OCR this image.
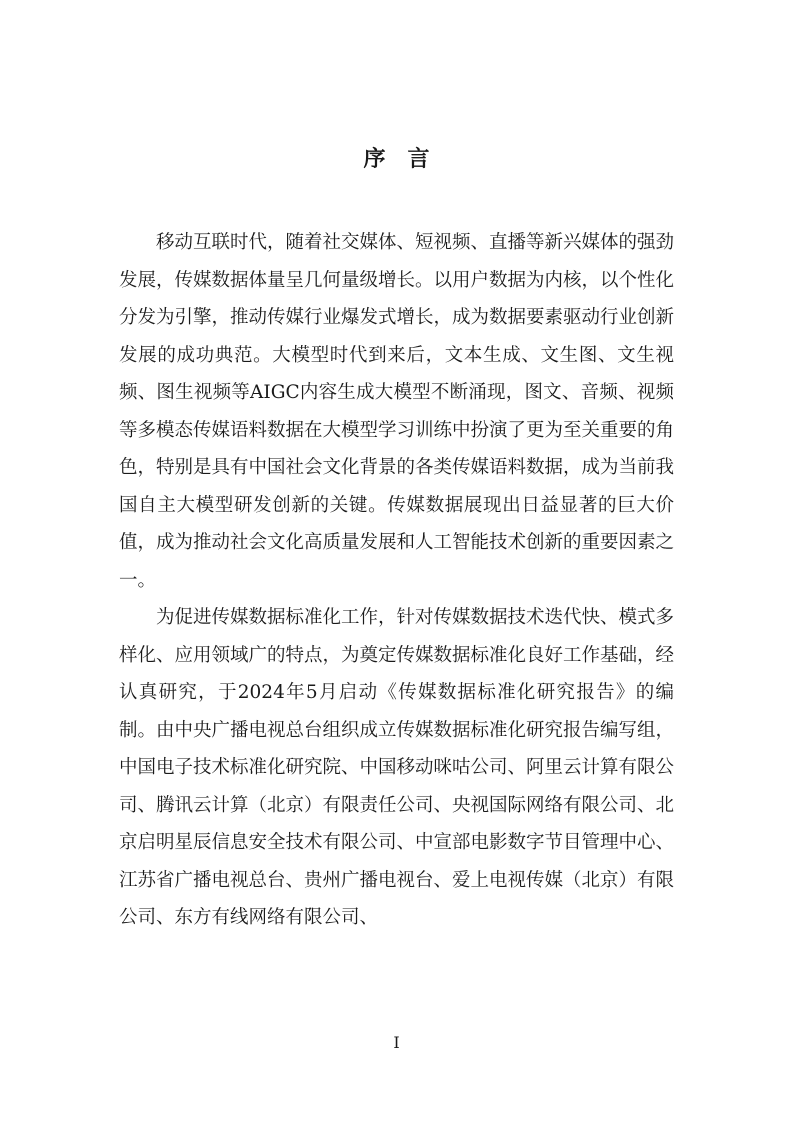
序言

移动互联时代，随着社交媒体、短视频、直播等新兴媒体的强劲发展，传媒数据体量呈几何量级增长。以用户数据为内核，以个性化分发为引擎，推动传媒行业爆发式增长，成为数据要素驱动行业创新发展的成功典范。大模型时代到来后，文本生成、文生图、文生视频、图生视频等AIGC内容生成大模型不断涌现，图文、音频、视频等多模态传媒语料数据在大模型学习训练中扮演了更为至关重要的角色，特别是具有中国社会文化背景的各类传媒语料数据，成为当前我国自主大模型研发创新的关键。传媒数据展现出日益显著的巨大价值，成为推动社会文化高质量发展和人工智能技术创新的重要因素之一。

为促进传媒数据标准化工作，针对传媒数据技术迭代快、模式多样化、应用领域广的特点，为奠定传媒数据标准化良好工作基础，经认真研究，于2024年5月启动《传媒数据标准化研究报告》的编制。由中央广播电视总台组织成立传媒数据标准化研究报告编写组，中国电子技术标准化研究院、中国移动咪咕公司、阿里云计算有限公司、腾讯云计算（北京）有限责任公司、央视国际网络有限公司、北京启明星辰信息安全技术有限公司、中宣部电影数字节目管理中心、江苏省广播电视总台、贵州广播电视台、爱上电视传媒（北京）有限公司、东方有线网络有限公司、

I
